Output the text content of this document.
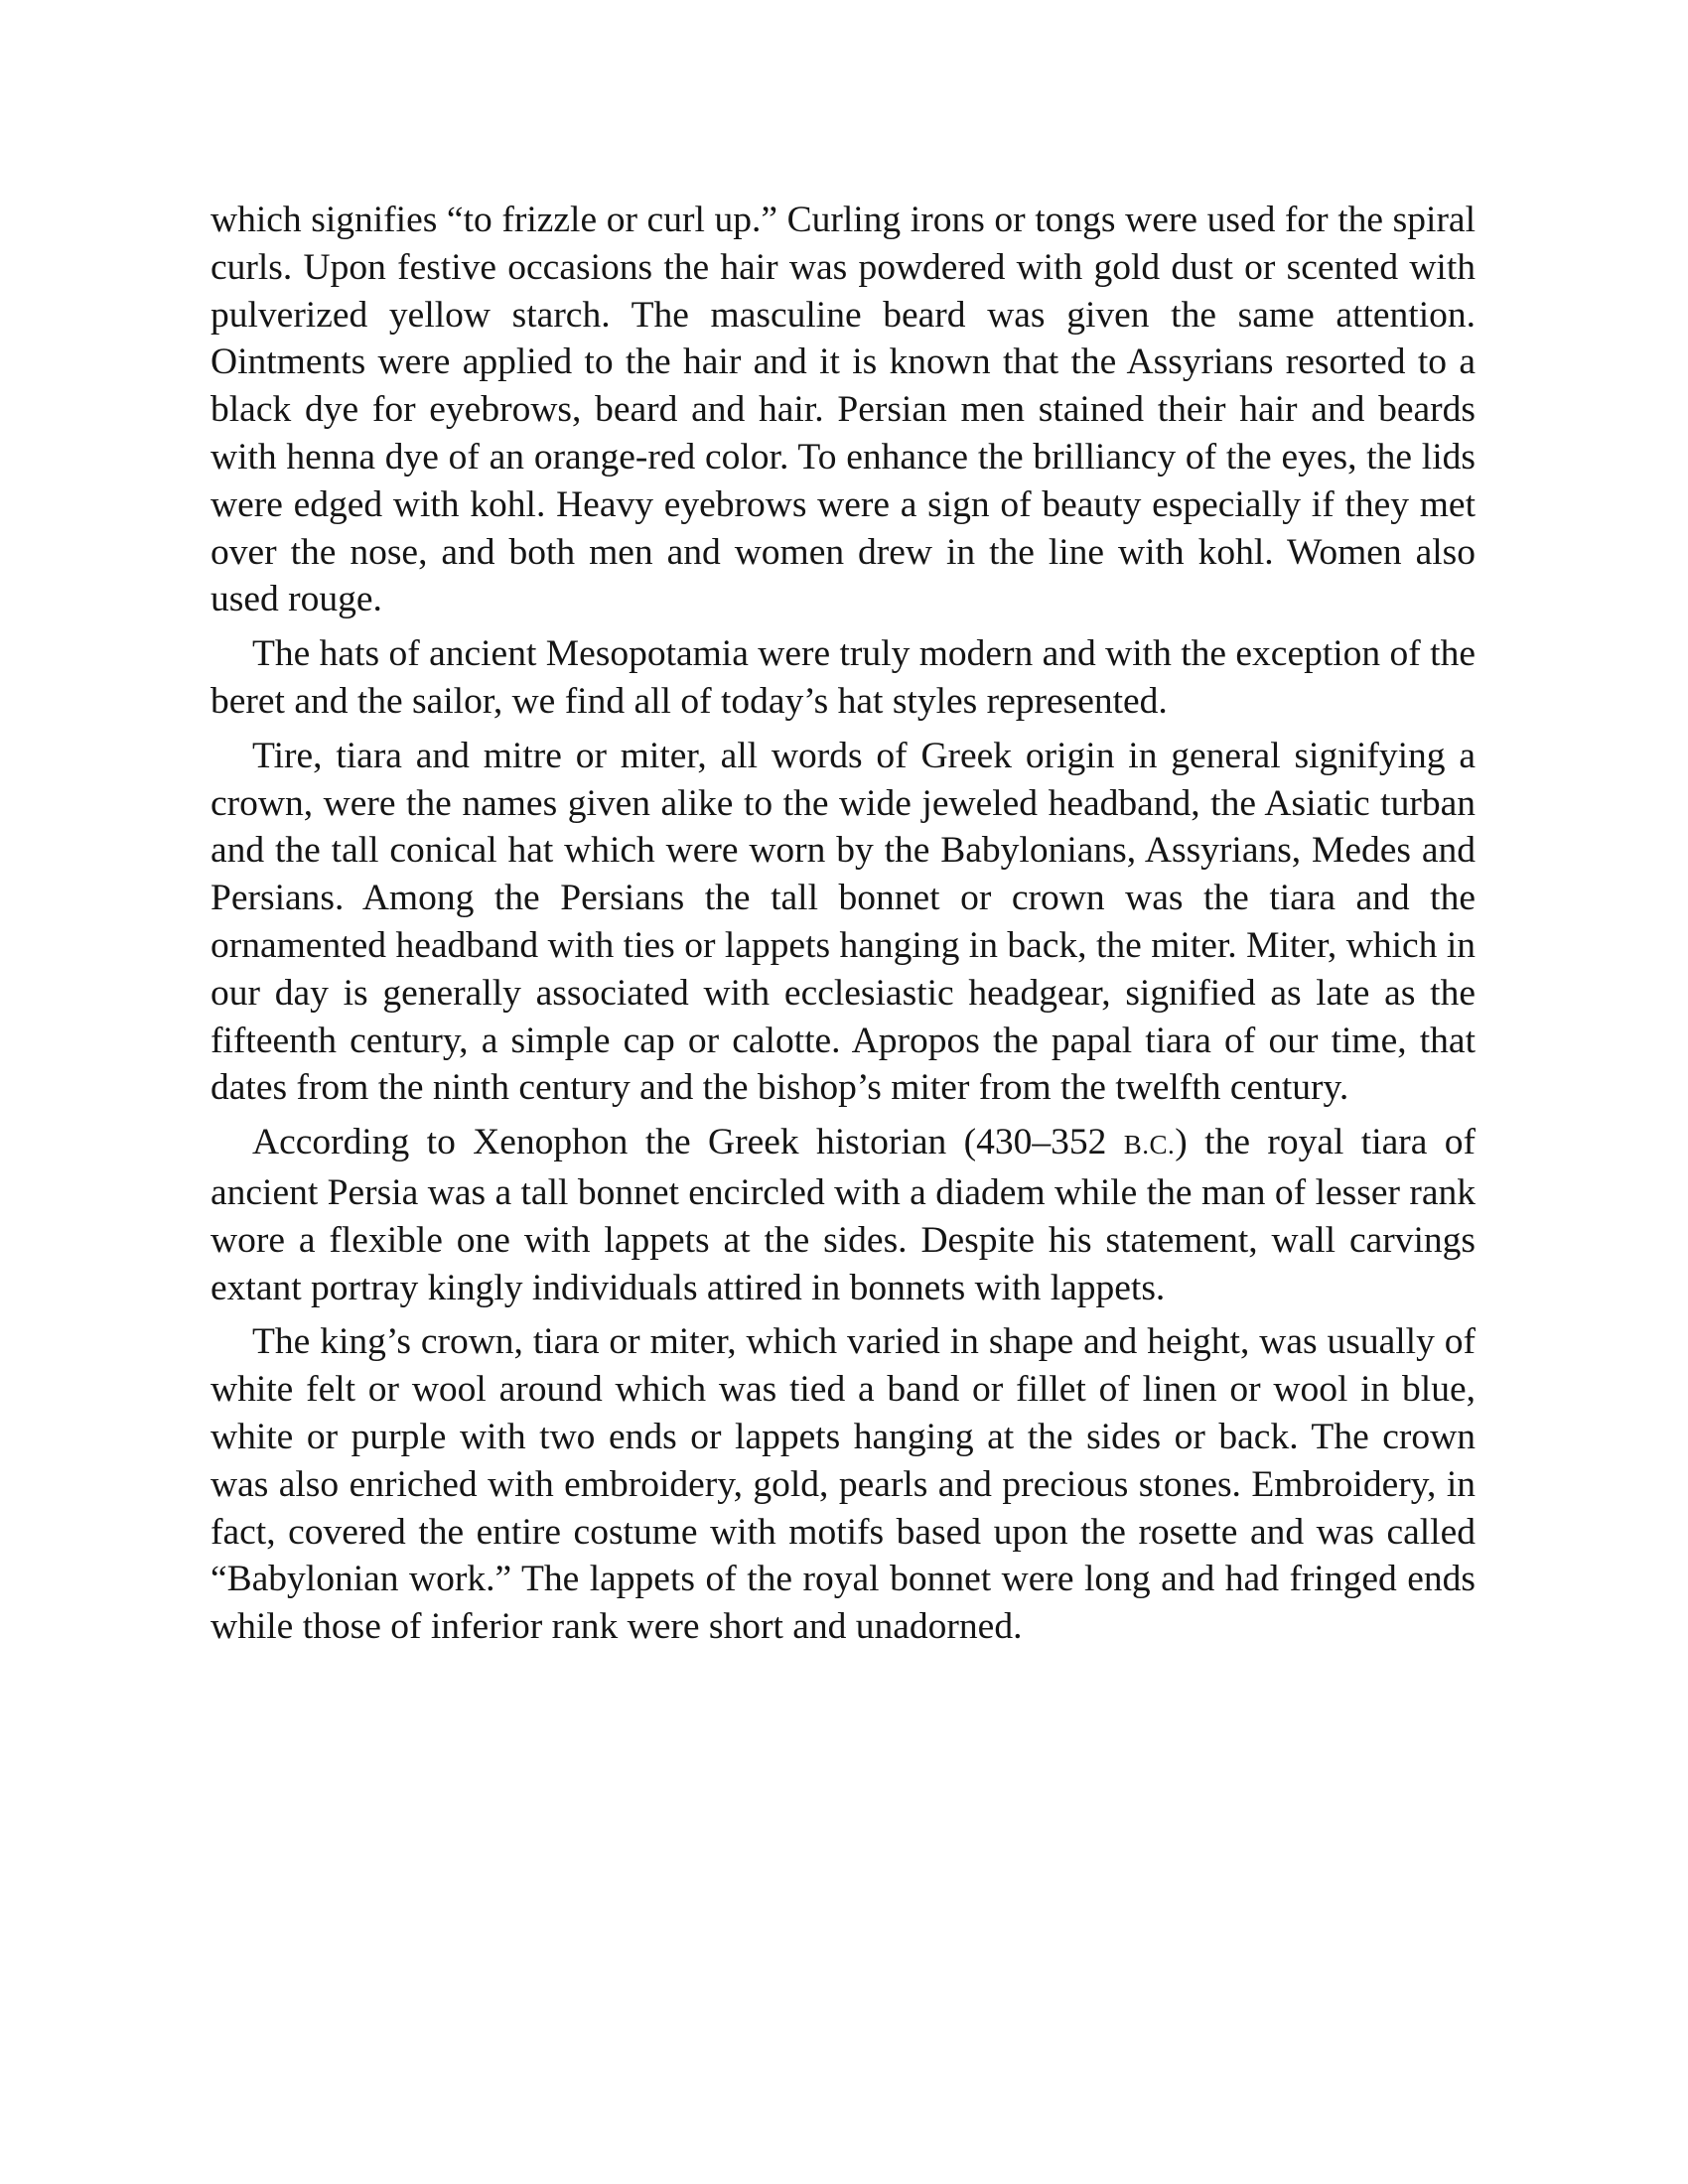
which signifies “to frizzle or curl up.” Curling irons or tongs were used for the spiral curls. Upon festive occasions the hair was powdered with gold dust or scented with pulverized yellow starch. The masculine beard was given the same attention. Ointments were applied to the hair and it is known that the Assyrians resorted to a black dye for eyebrows, beard and hair. Persian men stained their hair and beards with henna dye of an orange-red color. To enhance the brilliancy of the eyes, the lids were edged with kohl. Heavy eyebrows were a sign of beauty especially if they met over the nose, and both men and women drew in the line with kohl. Women also used rouge.

The hats of ancient Mesopotamia were truly modern and with the exception of the beret and the sailor, we find all of today’s hat styles represented.

Tire, tiara and mitre or miter, all words of Greek origin in general signifying a crown, were the names given alike to the wide jeweled headband, the Asiatic turban and the tall conical hat which were worn by the Babylonians, Assyrians, Medes and Persians. Among the Persians the tall bonnet or crown was the tiara and the ornamented headband with ties or lappets hanging in back, the miter. Miter, which in our day is generally associated with ecclesiastic headgear, signified as late as the fifteenth century, a simple cap or calotte. Apropos the papal tiara of our time, that dates from the ninth century and the bishop’s miter from the twelfth century.

According to Xenophon the Greek historian (430–352 B.C.) the royal tiara of ancient Persia was a tall bonnet encircled with a diadem while the man of lesser rank wore a flexible one with lappets at the sides. Despite his statement, wall carvings extant portray kingly individuals attired in bonnets with lappets.

The king’s crown, tiara or miter, which varied in shape and height, was usually of white felt or wool around which was tied a band or fillet of linen or wool in blue, white or purple with two ends or lappets hanging at the sides or back. The crown was also enriched with embroidery, gold, pearls and precious stones. Embroidery, in fact, covered the entire costume with motifs based upon the rosette and was called “Babylonian work.” The lappets of the royal bonnet were long and had fringed ends while those of inferior rank were short and unadorned.
